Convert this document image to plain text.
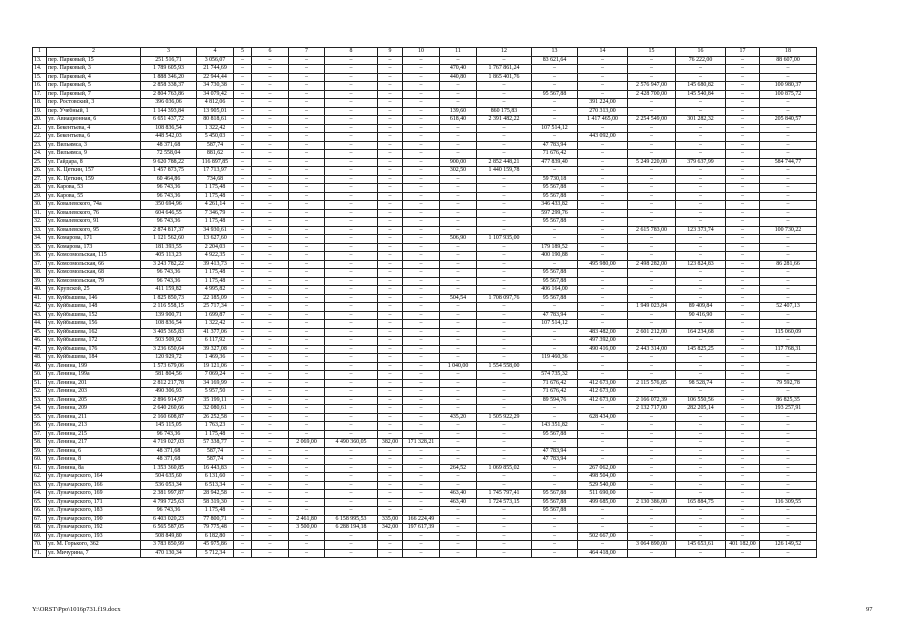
1	2	3	4	5	6	7	8	9	10	11	12	13	14	15	16	17	18
13.	пер. Парковый, 15	251 516,71	3 056,07	–	–	–	–	–	–	–	–	83 621,64	–	–	76 222,00	–	88 607,00
14.	пер. Парковый, 3	1 789 605,93	21 744,69	–	–	–	–	–	–	470,40	1 767 861,24	–	–	–	–	–	–
15.	пер. Парковый, 4	1 888 346,20	22 944,44	–	–	–	–	–	–	440,80	1 865 401,76	–	–	–	–	–	–
16.	пер. Парковый, 5	2 858 338,37	34 730,38	–	–	–	–	–	–	–	–	–	–	2 576 947,00	145 680,82	–	100 980,37
17.	пер. Парковый, 7	2 804 763,86	34 079,42	–	–	–	–	–	–	–	–	95 567,88	–	2 428 700,00	145 540,84	–	100 875,72
18.	пер. Ростовский, 3	396 036,06	4 812,06	–	–	–	–	–	–	–	–	–	391 224,00	–	–	–	–
19.	пер. Учебный, 1	1 144 393,84	13 905,01	–	–	–	–	–	–	139,60	860 175,83	–	270 313,00	–	–	–	–
20.	ул. Авиационная, 6	6 651 437,72	80 818,61	–	–	–	–	–	–	618,40	2 391 482,22	–	1 417 465,00	2 254 549,00	301 282,32	–	205 840,57
21.	ул. Бекентьева, 4	108 836,54	1 322,42	–	–	–	–	–	–	–	–	107 514,12	–	–	–	–	–
22.	ул. Бекентьева, 6	448 542,03	5 450,03	–	–	–	–	–	–	–	–	–	443 092,00	–	–	–	–
23.	ул. Вильямса, 3	48 371,68	587,74	–	–	–	–	–	–	–	–	47 783,94	–	–	–	–	–
24.	ул. Вильямса, 9	72 558,04	881,62	–	–	–	–	–	–	–	–	71 676,42	–	–	–	–	–
25.	ул. Гайдара, 8	9 620 788,22	116 897,85	–	–	–	–	–	–	900,00	2 852 448,21	477 839,40	–	5 249 220,00	379 637,99	–	584 744,77
26.	ул. К. Цеткин, 157	1 457 873,75	17 713,97	–	–	–	–	–	–	302,50	1 440 159,78	–	–	–	–	–	–
27.	ул. К. Цеткин, 159	60 464,86	734,68	–	–	–	–	–	–	–	–	59 730,18	–	–	–	–	–
28.	ул. Карова, 53	96 743,36	1 175,48	–	–	–	–	–	–	–	–	95 567,88	–	–	–	–	–
29.	ул. Карова, 55	96 743,36	1 175,48	–	–	–	–	–	–	–	–	95 567,88	–	–	–	–	–
30.	ул. Ковалевского, 74а	350 694,96	4 261,14	–	–	–	–	–	–	–	–	346 433,82	–	–	–	–	–
31.	ул. Ковалевского, 76	604 646,55	7 346,79	–	–	–	–	–	–	–	–	597 299,76	–	–	–	–	–
32.	ул. Ковалевского, 91	96 743,36	1 175,48	–	–	–	–	–	–	–	–	95 567,88	–	–	–	–	–
33.	ул. Ковалевского, 95	2 874 817,37	34 930,61	–	–	–	–	–	–	–	–	–	–	2 615 783,00	123 373,74	–	100 730,22
34.	ул. Комарова, 171	1 121 562,60	13 627,60	–	–	–	–	–	–	506,90	1 107 935,00	–	–	–	–	–	–
35.	ул. Комарова, 173	181 393,55	2 204,03	–	–	–	–	–	–	–	–	179 189,52	–	–	–	–	–
36.	ул. Комсомольская, 115	405 113,23	4 922,35	–	–	–	–	–	–	–	–	400 190,88	–	–	–	–	–
37.	ул. Комсомольская, 66	3 243 782,22	39 413,73	–	–	–	–	–	–	–	–	–	495 980,00	2 498 282,00	123 824,83	–	86 281,66
38.	ул. Комсомольская, 68	96 743,36	1 175,48	–	–	–	–	–	–	–	–	95 567,88	–	–	–	–	–
39.	ул. Комсомольская, 79	96 743,36	1 175,48	–	–	–	–	–	–	–	–	95 567,88	–	–	–	–	–
40.	ул. Крупской, 25	411 159,82	4 995,82	–	–	–	–	–	–	–	–	406 164,00	–	–	–	–	–
41.	ул. Куйбышева, 146	1 825 850,73	22 185,09	–	–	–	–	–	–	504,54	1 708 097,76	95 567,88	–	–	–	–	–
42.	ул. Куйбышева, 148	2 116 558,15	25 717,34	–	–	–	–	–	–	–	–	–	–	1 949 023,84	89 409,84	–	52 407,13
43.	ул. Куйбышева, 152	139 900,71	1 699,87	–	–	–	–	–	–	–	–	47 783,94	–	–	90 416,90	–	–
44.	ул. Куйбышева, 156	108 836,54	1 322,42	–	–	–	–	–	–	–	–	107 514,12	–	–	–	–	–
45.	ул. Куйбышева, 162	3 405 365,83	41 377,06	–	–	–	–	–	–	–	–	–	483 482,00	2 601 212,00	164 234,68	–	115 060,09
46.	ул. Куйбышева, 172	503 509,92	6 117,92	–	–	–	–	–	–	–	–	–	497 392,00	–	–	–	–
47.	ул. Куйбышева, 176	3 236 650,64	39 327,08	–	–	–	–	–	–	–	–	–	490 416,00	2 443 314,00	145 825,25	–	117 768,31
48.	ул. Куйбышева, 184	120 929,72	1 469,36	–	–	–	–	–	–	–	–	119 460,36	–	–	–	–	–
49.	ул. Ленина, 199	1 573 679,06	19 121,06	–	–	–	–	–	–	1 040,00	1 554 558,00	–	–	–	–	–	–
50.	ул. Ленина, 199а	581 804,56	7 069,24	–	–	–	–	–	–	–	–	574 735,32	–	–	–	–	–
51.	ул. Ленина, 201	2 812 217,78	34 169,99	–	–	–	–	–	–	–	–	71 676,42	412 673,00	2 115 576,85	98 528,74	–	79 592,78
52.	ул. Ленина, 203	490 306,93	5 957,50	–	–	–	–	–	–	–	–	71 676,42	412 673,00	–	–	–	–
53.	ул. Ленина, 205	2 896 914,97	35 199,11	–	–	–	–	–	–	–	–	89 594,76	412 673,00	2 166 072,39	106 550,56	–	86 825,35
54.	ул. Ленина, 209	2 640 260,66	32 080,61	–	–	–	–	–	–	–	–	–	–	2 132 717,00	282 205,14	–	193 257,91
55.	ул. Ленина, 211	2 160 608,87	26 252,58	–	–	–	–	–	–	435,20	1 505 922,29	–	628 434,00	–	–	–	–
56.	ул. Ленина, 213	145 115,05	1 763,23	–	–	–	–	–	–	–	–	143 351,82	–	–	–	–	–
57.	ул. Ленина, 215	96 743,36	1 175,48	–	–	–	–	–	–	–	–	95 567,88	–	–	–	–	–
58.	ул. Ленина, 217	4 719 027,03	57 338,77	–	–	2 069,00	4 490 360,05	382,00	171 328,21	–	–	–	–	–	–	–	–
59.	ул. Ленина, 6	48 371,68	587,74	–	–	–	–	–	–	–	–	47 783,94	–	–	–	–	–
60.	ул. Ленина, 8	48 371,68	587,74	–	–	–	–	–	–	–	–	47 783,94	–	–	–	–	–
61.	ул. Ленина, 8а	1 353 360,85	16 443,83	–	–	–	–	–	–	264,52	1 069 855,02	–	267 062,00	–	–	–	–
62.	ул. Луначарского, 164	504 635,60	6 131,60	–	–	–	–	–	–	–	–	–	498 504,00	–	–	–	–
63.	ул. Луначарского, 166	536 053,34	6 513,34	–	–	–	–	–	–	–	–	–	529 540,00	–	–	–	–
64.	ул. Луначарского, 169	2 381 997,87	28 942,58	–	–	–	–	–	–	463,40	1 745 797,41	95 567,88	511 690,00	–	–	–	–
65.	ул. Луначарского, 171	4 799 725,63	58 319,30	–	–	–	–	–	–	463,40	1 724 573,15	95 567,88	499 685,00	2 130 386,00	165 884,75	–	116 309,55
66.	ул. Луначарского, 183	96 743,36	1 175,48	–	–	–	–	–	–	–	–	95 567,88	–	–	–	–	–
67.	ул. Луначарского, 190	6 403 020,23	77 800,71	–	–	2 461,80	6 158 995,53	335,00	166 224,49	–	–	–	–	–	–	–	–
68.	ул. Луначарского, 192	6 565 587,05	79 775,48	–	–	3 500,00	6 288 194,18	342,00	197 617,39	–	–	–	–	–	–	–	–
69.	ул. Луначарского, 193	508 849,80	6 182,80	–	–	–	–	–	–	–	–	–	502 667,00	–	–	–	–
70.	ул. М. Горького, 362	3 783 850,99	45 975,86	–	–	–	–	–	–	–	–	–	–	3 064 890,00	145 653,61	401 182,00	126 149,52
71.	ул. Мичурина, 7	470 130,34	5 712,34	–	–	–	–	–	–	–	–	–	464 418,00	–	–	–	–
Y:\ORST\Ppo\1016p731.f19.docx	97
